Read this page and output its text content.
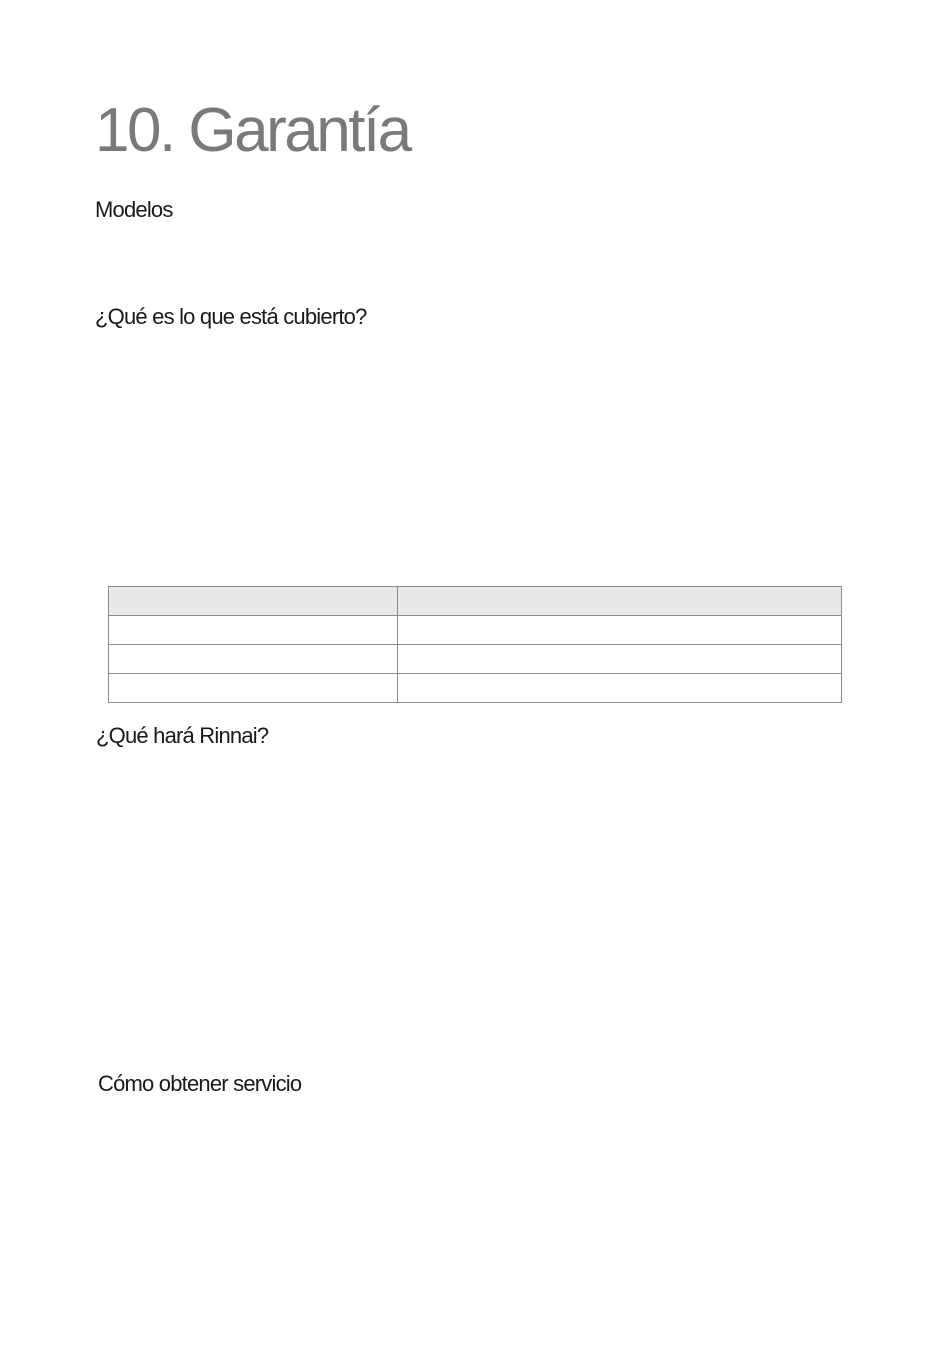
10. Garantía
Modelos
¿Qué es lo que está cubierto?

¿Qué hará Rinnai?
Cómo obtener servicio
